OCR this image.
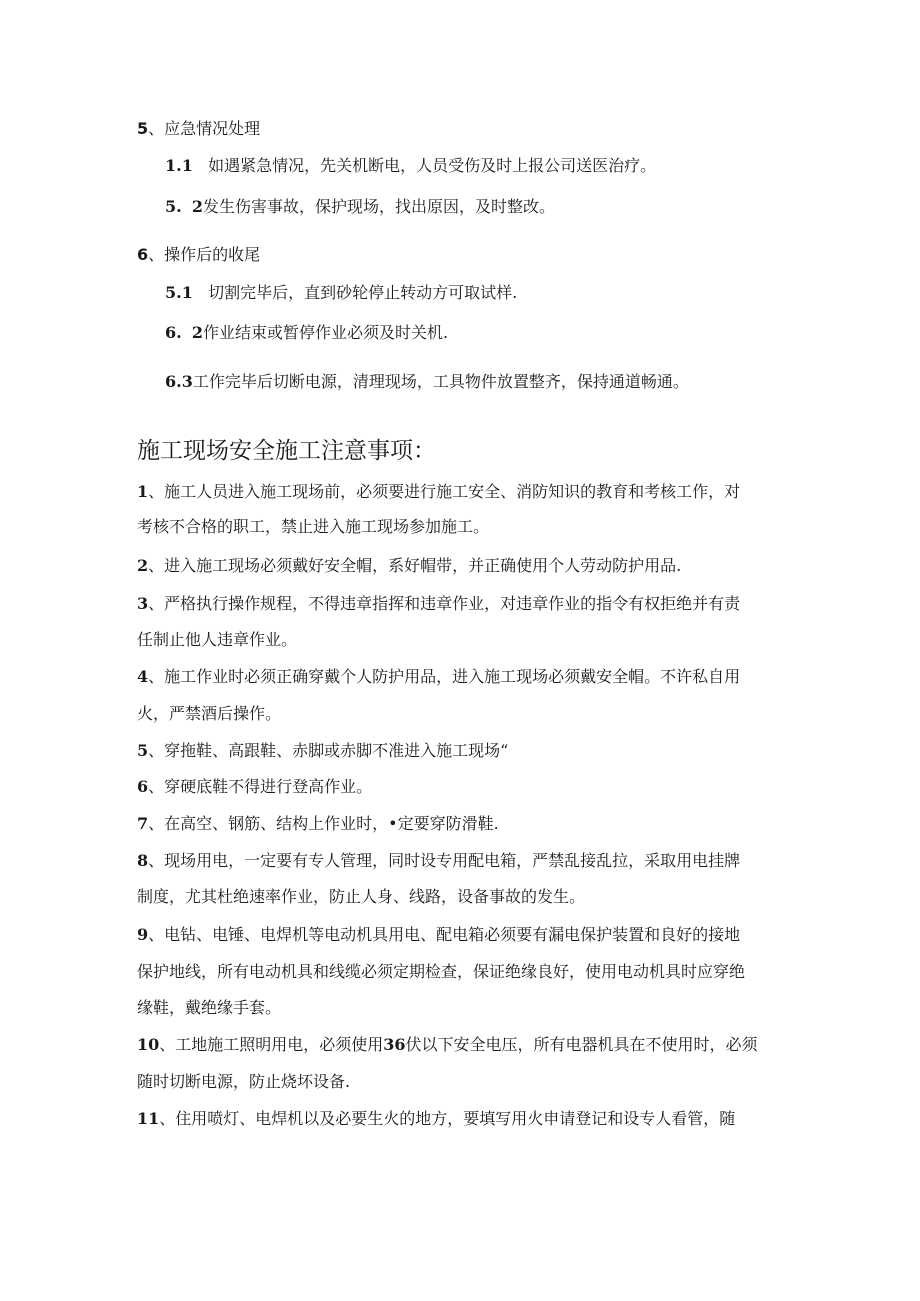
5、应急情况处理
1.1 如遇紧急情况，先关机断电，人员受伤及时上报公司送医治疗。
5. 2发生伤害事故，保护现场，找出原因，及时整改。
6、操作后的收尾
5.1 切割完毕后，直到砂轮停止转动方可取试样.
6. 2作业结束或暂停作业必须及时关机.
6.3工作完毕后切断电源，清理现场，工具物件放置整齐，保持通道畅通。
施工现场安全施工注意事项：
1、施工人员进入施工现场前，必须要进行施工安全、消防知识的教育和考核工作，对
考核不合格的职工，禁止进入施工现场参加施工。
2、进入施工现场必须戴好安全帽，系好帽带，并正确使用个人劳动防护用品.
3、严格执行操作规程，不得违章指挥和违章作业，对违章作业的指令有权拒绝并有责
任制止他人违章作业。
4、施工作业时必须正确穿戴个人防护用品，进入施工现场必须戴安全帽。不许私自用
火，严禁酒后操作。
5、穿拖鞋、高跟鞋、赤脚或赤脚不准进入施工现场“
6、穿硬底鞋不得进行登高作业。
7、在高空、钢筋、结构上作业时，•定要穿防滑鞋.
8、现场用电，一定要有专人管理，同时设专用配电箱，严禁乱接乱拉，采取用电挂牌
制度，尤其杜绝速率作业，防止人身、线路，设备事故的发生。
9、电钻、电锤、电焊机等电动机具用电、配电箱必须要有漏电保护装置和良好的接地
保护地线，所有电动机具和线缆必须定期检查，保证绝缘良好，使用电动机具时应穿绝
缘鞋，戴绝缘手套。
10、工地施工照明用电，必须使用36伏以下安全电压，所有电器机具在不使用时，必须
随时切断电源，防止烧坏设备.
11、住用喷灯、电焊机以及必要生火的地方，要填写用火申请登记和设专人看管，随
